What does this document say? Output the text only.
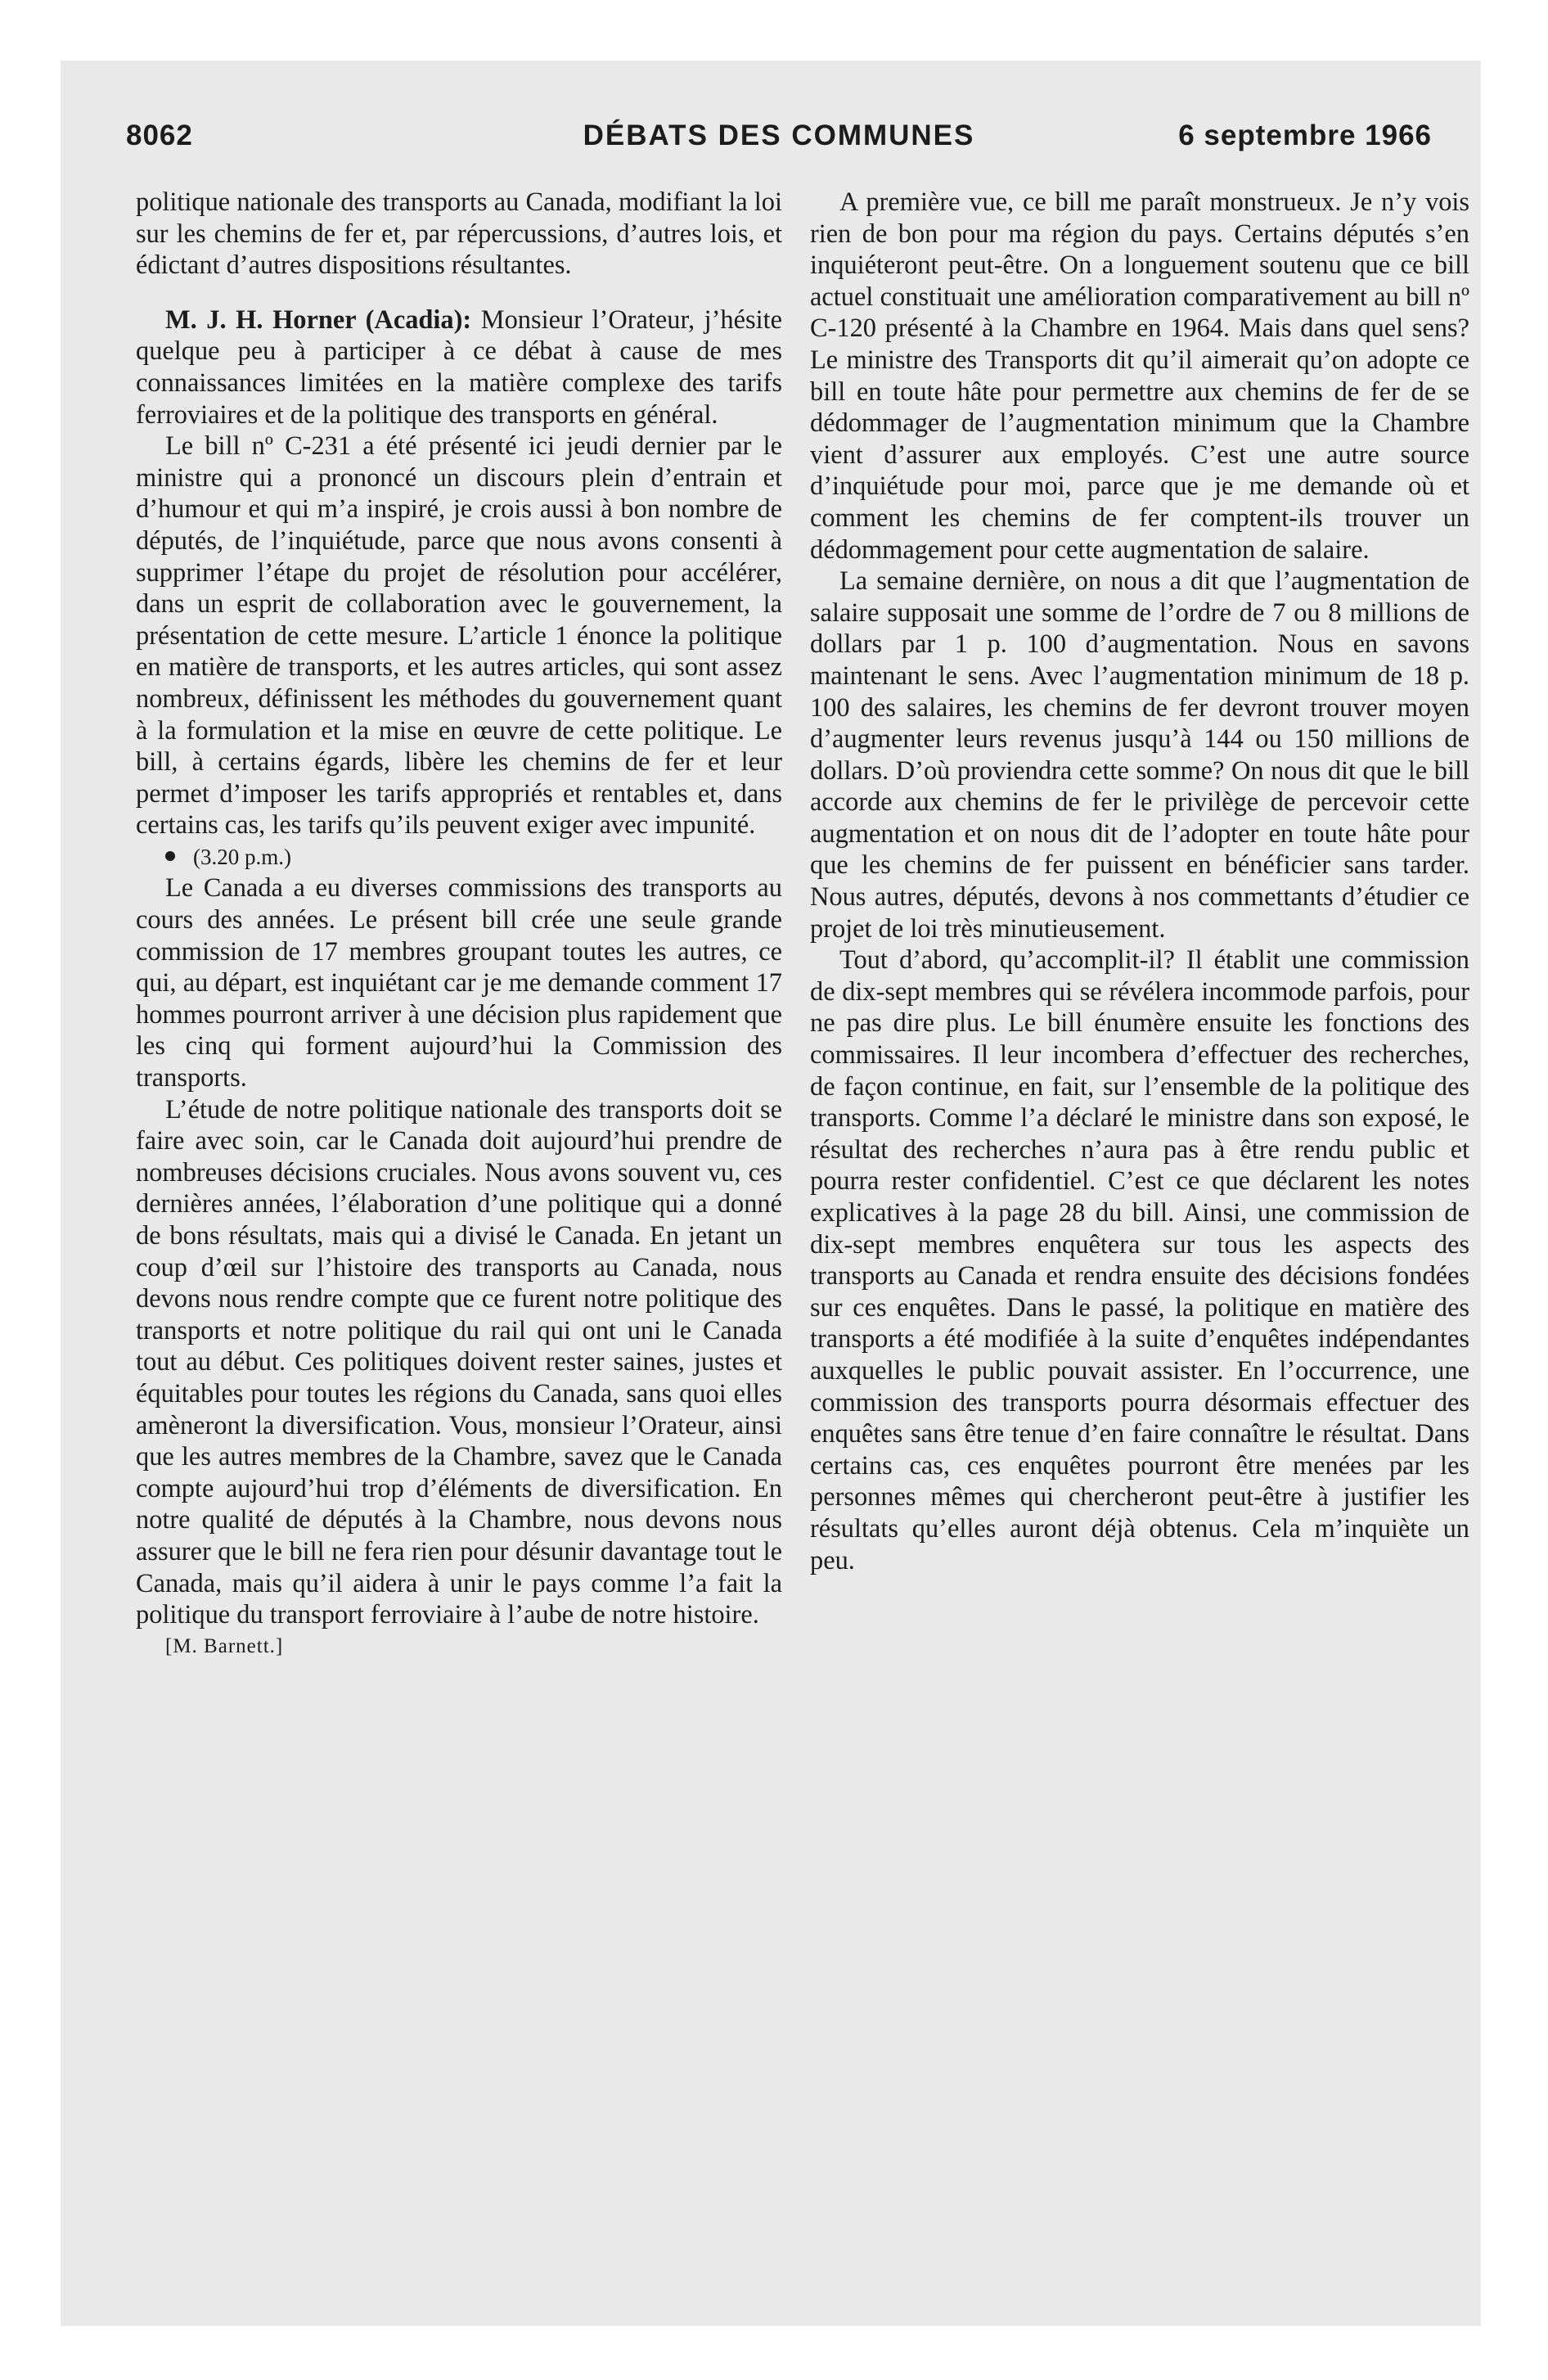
8062	DÉBATS DES COMMUNES	6 septembre 1966

politique nationale des transports au Canada, modifiant la loi sur les chemins de fer et, par répercussions, d’autres lois, et édictant d’autres dispositions résultantes.

M. J. H. Horner (Acadia): Monsieur l’Orateur, j’hésite quelque peu à participer à ce débat à cause de mes connaissances limitées en la matière complexe des tarifs ferroviaires et de la politique des transports en général.

Le bill nº C-231 a été présenté ici jeudi dernier par le ministre qui a prononcé un discours plein d’entrain et d’humour et qui m’a inspiré, je crois aussi à bon nombre de députés, de l’inquiétude, parce que nous avons consenti à supprimer l’étape du projet de résolution pour accélérer, dans un esprit de collaboration avec le gouvernement, la présentation de cette mesure. L’article 1 énonce la politique en matière de transports, et les autres articles, qui sont assez nombreux, définissent les méthodes du gouvernement quant à la formulation et la mise en œuvre de cette politique. Le bill, à certains égards, libère les chemins de fer et leur permet d’imposer les tarifs appropriés et rentables et, dans certains cas, les tarifs qu’ils peuvent exiger avec impunité.

(3.20 p.m.)

Le Canada a eu diverses commissions des transports au cours des années. Le présent bill crée une seule grande commission de 17 membres groupant toutes les autres, ce qui, au départ, est inquiétant car je me demande comment 17 hommes pourront arriver à une décision plus rapidement que les cinq qui forment aujourd’hui la Commission des transports.

L’étude de notre politique nationale des transports doit se faire avec soin, car le Canada doit aujourd’hui prendre de nombreuses décisions cruciales. Nous avons souvent vu, ces dernières années, l’élaboration d’une politique qui a donné de bons résultats, mais qui a divisé le Canada. En jetant un coup d’œil sur l’histoire des transports au Canada, nous devons nous rendre compte que ce furent notre politique des transports et notre politique du rail qui ont uni le Canada tout au début. Ces politiques doivent rester saines, justes et équitables pour toutes les régions du Canada, sans quoi elles amèneront la diversification. Vous, monsieur l’Orateur, ainsi que les autres membres de la Chambre, savez que le Canada compte aujourd’hui trop d’éléments de diversification. En notre qualité de députés à la Chambre, nous devons nous assurer que le bill ne fera rien pour désunir davantage tout le Canada, mais qu’il aidera à unir le pays comme l’a fait la politique du transport ferroviaire à l’aube de notre histoire.

[M. Barnett.]

A première vue, ce bill me paraît monstrueux. Je n’y vois rien de bon pour ma région du pays. Certains députés s’en inquiéteront peut-être. On a longuement soutenu que ce bill actuel constituait une amélioration comparativement au bill nº C-120 présenté à la Chambre en 1964. Mais dans quel sens? Le ministre des Transports dit qu’il aimerait qu’on adopte ce bill en toute hâte pour permettre aux chemins de fer de se dédommager de l’augmentation minimum que la Chambre vient d’assurer aux employés. C’est une autre source d’inquiétude pour moi, parce que je me demande où et comment les chemins de fer comptent-ils trouver un dédommagement pour cette augmentation de salaire.

La semaine dernière, on nous a dit que l’augmentation de salaire supposait une somme de l’ordre de 7 ou 8 millions de dollars par 1 p. 100 d’augmentation. Nous en savons maintenant le sens. Avec l’augmentation minimum de 18 p. 100 des salaires, les chemins de fer devront trouver moyen d’augmenter leurs revenus jusqu’à 144 ou 150 millions de dollars. D’où proviendra cette somme? On nous dit que le bill accorde aux chemins de fer le privilège de percevoir cette augmentation et on nous dit de l’adopter en toute hâte pour que les chemins de fer puissent en bénéficier sans tarder. Nous autres, députés, devons à nos commettants d’étudier ce projet de loi très minutieusement.

Tout d’abord, qu’accomplit-il? Il établit une commission de dix-sept membres qui se révélera incommode parfois, pour ne pas dire plus. Le bill énumère ensuite les fonctions des commissaires. Il leur incombera d’effectuer des recherches, de façon continue, en fait, sur l’ensemble de la politique des transports. Comme l’a déclaré le ministre dans son exposé, le résultat des recherches n’aura pas à être rendu public et pourra rester confidentiel. C’est ce que déclarent les notes explicatives à la page 28 du bill. Ainsi, une commission de dix-sept membres enquêtera sur tous les aspects des transports au Canada et rendra ensuite des décisions fondées sur ces enquêtes. Dans le passé, la politique en matière des transports a été modifiée à la suite d’enquêtes indépendantes auxquelles le public pouvait assister. En l’occurrence, une commission des transports pourra désormais effectuer des enquêtes sans être tenue d’en faire connaître le résultat. Dans certains cas, ces enquêtes pourront être menées par les personnes mêmes qui chercheront peut-être à justifier les résultats qu’elles auront déjà obtenus. Cela m’inquiète un peu.
